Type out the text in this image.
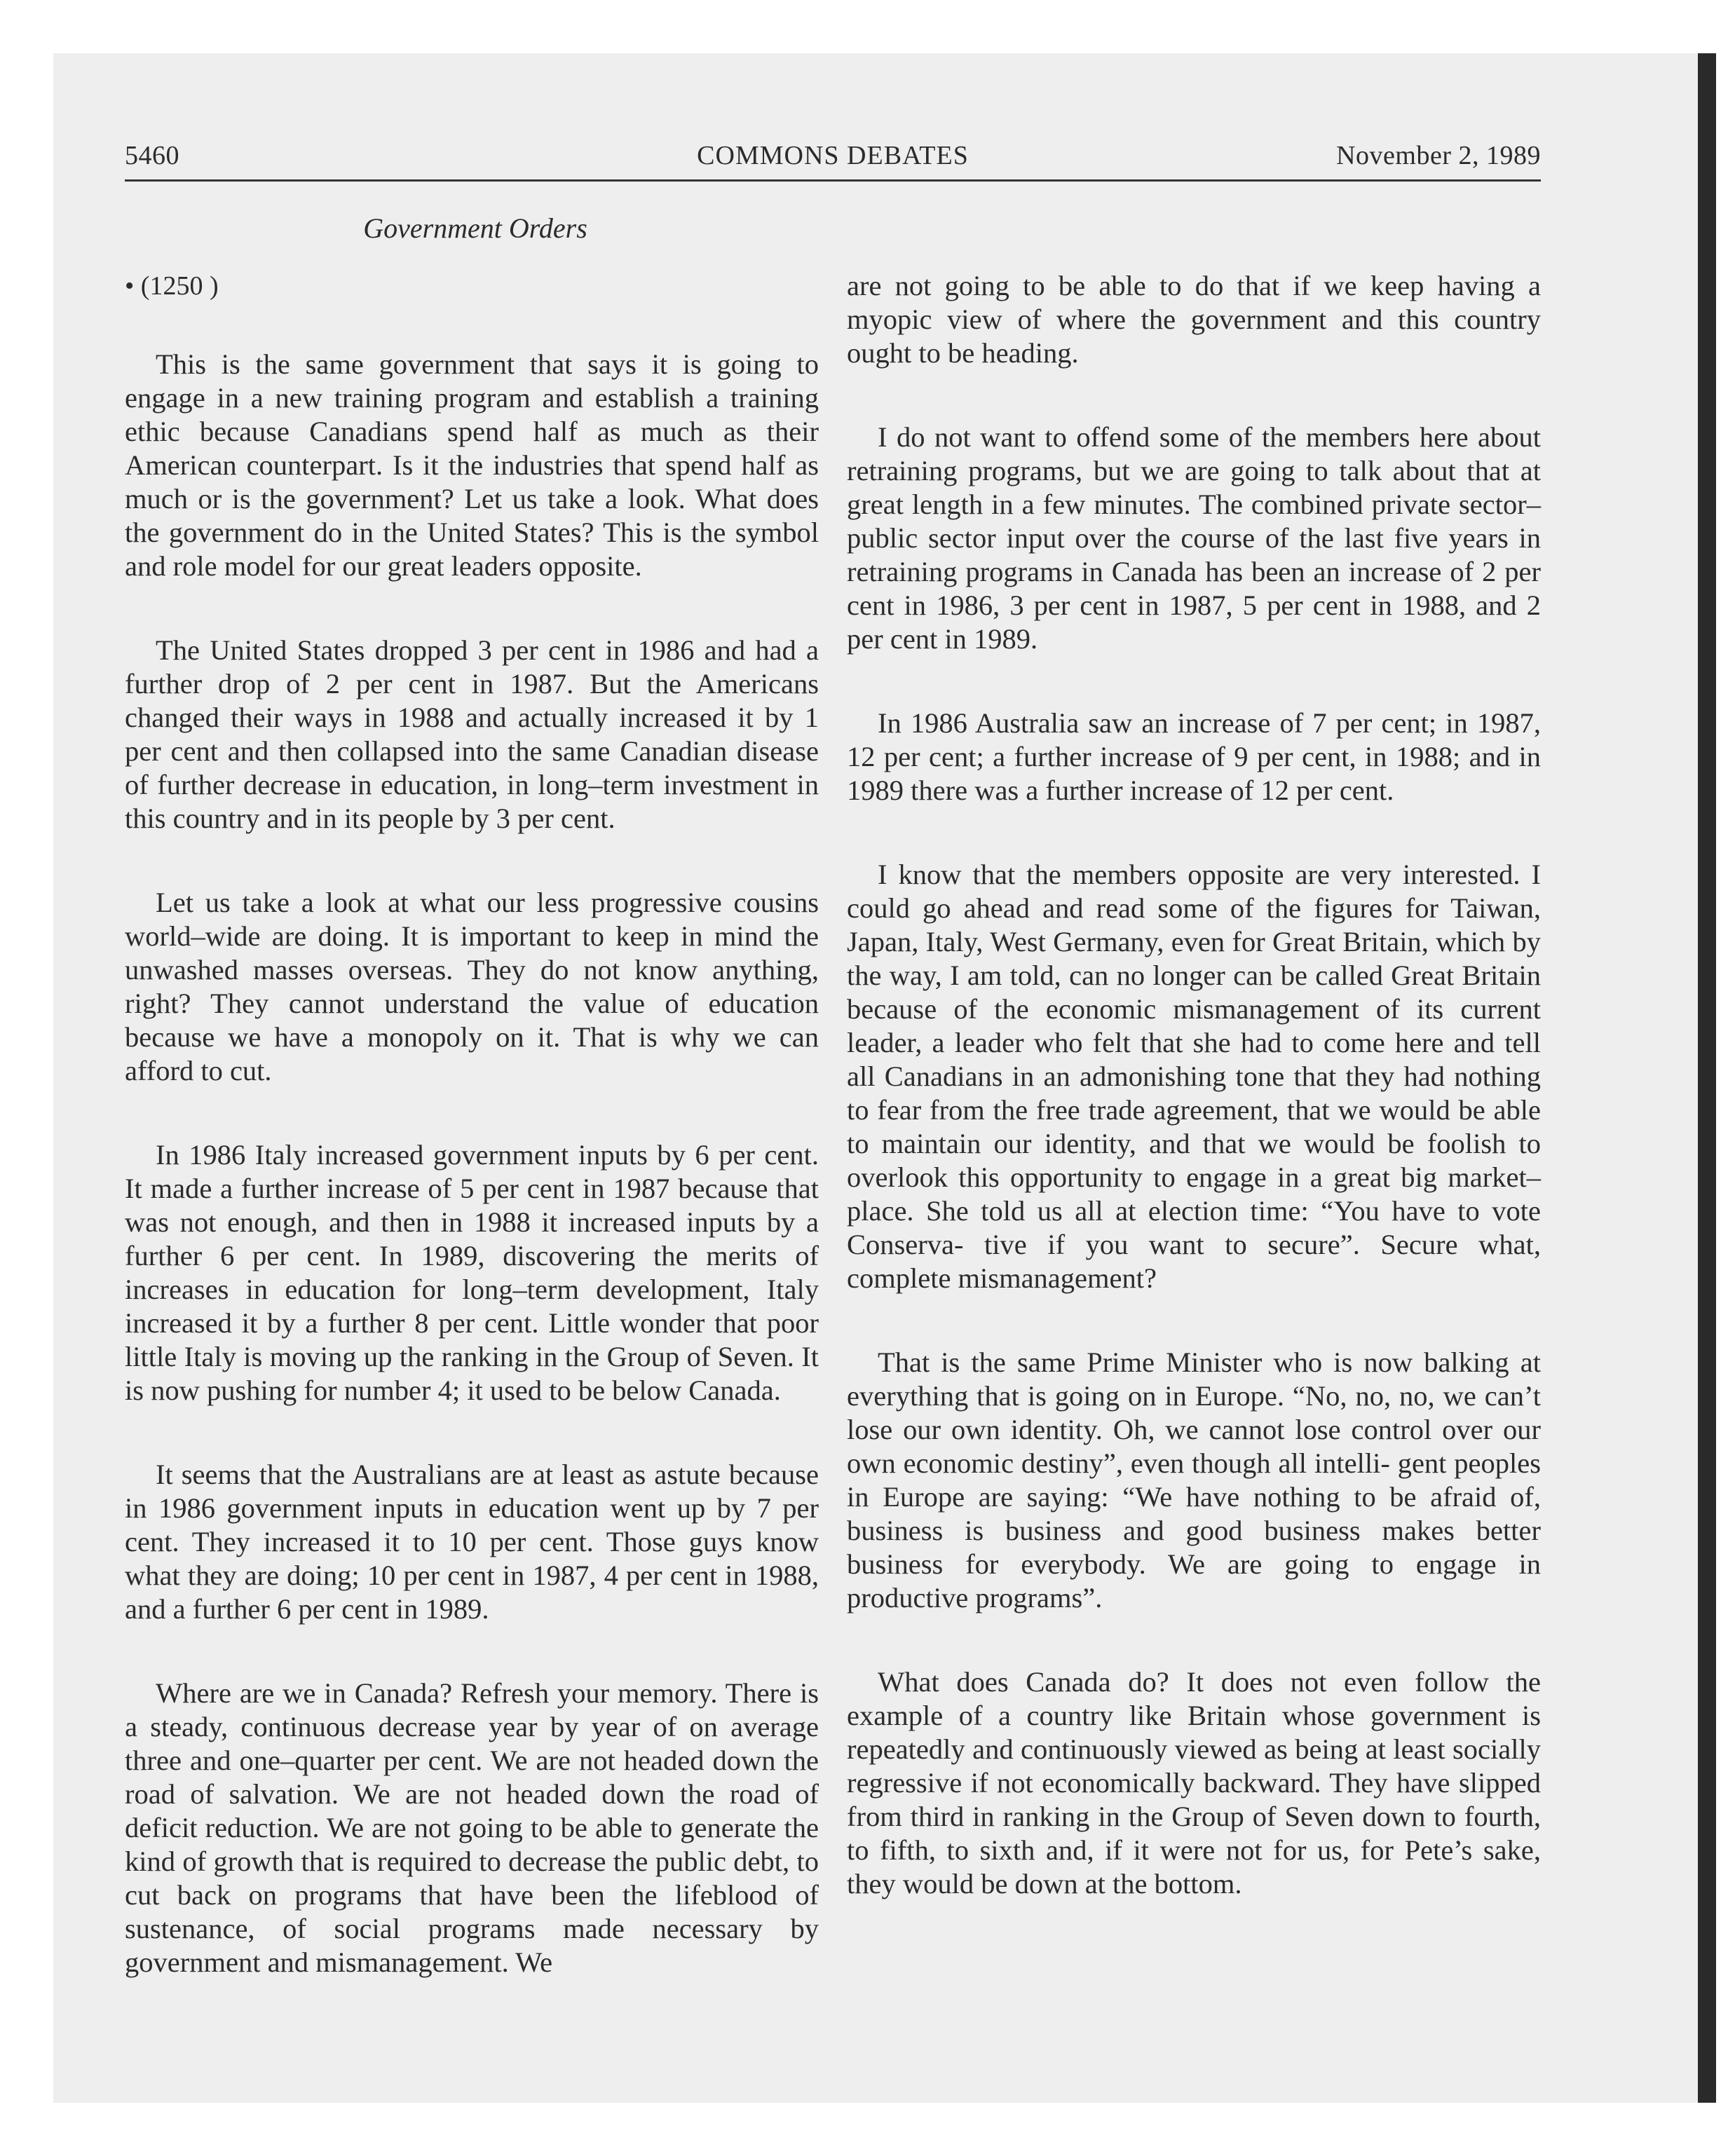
5460	COMMONS DEBATES	November 2, 1989
Government Orders
• (1250 )

This is the same government that says it is going to engage in a new training program and establish a training ethic because Canadians spend half as much as their American counterpart. Is it the industries that spend half as much or is the government? Let us take a look. What does the government do in the United States? This is the symbol and role model for our great leaders opposite.

The United States dropped 3 per cent in 1986 and had a further drop of 2 per cent in 1987. But the Americans changed their ways in 1988 and actually increased it by 1 per cent and then collapsed into the same Canadian disease of further decrease in education, in long–term investment in this country and in its people by 3 per cent.

Let us take a look at what our less progressive cousins world–wide are doing. It is important to keep in mind the unwashed masses overseas. They do not know anything, right? They cannot understand the value of education because we have a monopoly on it. That is why we can afford to cut.

In 1986 Italy increased government inputs by 6 per cent. It made a further increase of 5 per cent in 1987 because that was not enough, and then in 1988 it increased inputs by a further 6 per cent. In 1989, discovering the merits of increases in education for long–term development, Italy increased it by a further 8 per cent. Little wonder that poor little Italy is moving up the ranking in the Group of Seven. It is now pushing for number 4; it used to be below Canada.

It seems that the Australians are at least as astute because in 1986 government inputs in education went up by 7 per cent. They increased it to 10 per cent. Those guys know what they are doing; 10 per cent in 1987, 4 per cent in 1988, and a further 6 per cent in 1989.

Where are we in Canada? Refresh your memory. There is a steady, continuous decrease year by year of on average three and one–quarter per cent. We are not headed down the road of salvation. We are not headed down the road of deficit reduction. We are not going to be able to generate the kind of growth that is required to decrease the public debt, to cut back on programs that have been the lifeblood of sustenance, of social programs made necessary by government and mismanagement. We

are not going to be able to do that if we keep having a myopic view of where the government and this country ought to be heading.

I do not want to offend some of the members here about retraining programs, but we are going to talk about that at great length in a few minutes. The combined private sector–public sector input over the course of the last five years in retraining programs in Canada has been an increase of 2 per cent in 1986, 3 per cent in 1987, 5 per cent in 1988, and 2 per cent in 1989.

In 1986 Australia saw an increase of 7 per cent; in 1987, 12 per cent; a further increase of 9 per cent, in 1988; and in 1989 there was a further increase of 12 per cent.

I know that the members opposite are very interested. I could go ahead and read some of the figures for Taiwan, Japan, Italy, West Germany, even for Great Britain, which by the way, I am told, can no longer can be called Great Britain because of the economic mismanagement of its current leader, a leader who felt that she had to come here and tell all Canadians in an admonishing tone that they had nothing to fear from the free trade agreement, that we would be able to maintain our identity, and that we would be foolish to overlook this opportunity to engage in a great big market–place. She told us all at election time: “You have to vote Conserva- tive if you want to secure”. Secure what, complete mismanagement?

That is the same Prime Minister who is now balking at everything that is going on in Europe. “No, no, no, we can’t lose our own identity. Oh, we cannot lose control over our own economic destiny”, even though all intelli- gent peoples in Europe are saying: “We have nothing to be afraid of, business is business and good business makes better business for everybody. We are going to engage in productive programs”.

What does Canada do? It does not even follow the example of a country like Britain whose government is repeatedly and continuously viewed as being at least socially regressive if not economically backward. They have slipped from third in ranking in the Group of Seven down to fourth, to fifth, to sixth and, if it were not for us, for Pete’s sake, they would be down at the bottom.
